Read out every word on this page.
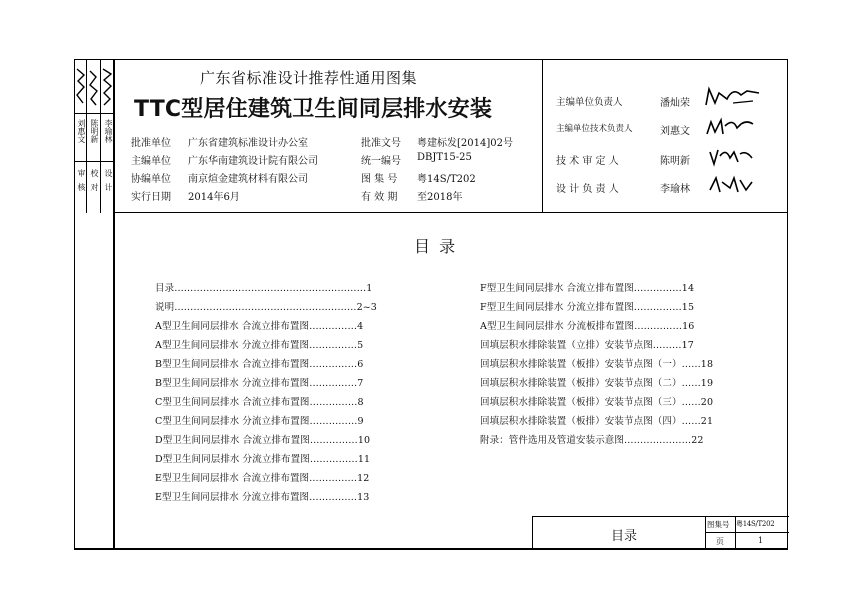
刘惠文 陈明新 李瑜林
审核 校对 设计
广东省标准设计推荐性通用图集
TTC型居住建筑卫生间同层排水安装
批准单位 广东省建筑标准设计办公室	批准文号 粤建标发[2014]02号
主编单位 广东华南建筑设计院有限公司	统一编号 DBJT15-25
协编单位 南京煊金建筑材料有限公司	图 集 号 粤14S/T202
实行日期 2014年6月	有 效 期 至2018年
主编单位负责人	潘灿荣
主编单位技术负责人	刘惠文
技 术 审 定 人	陈明新
设 计 负 责 人	李瑜林
目 录
目录……………………………………………………1
说明…………………………………………………2~3
A型卫生间同层排水 合流立排布置图……………4
A型卫生间同层排水 分流立排布置图……………5
B型卫生间同层排水 合流立排布置图……………6
B型卫生间同层排水 分流立排布置图……………7
C型卫生间同层排水 合流立排布置图……………8
C型卫生间同层排水 分流立排布置图……………9
D型卫生间同层排水 合流立排布置图……………10
D型卫生间同层排水 分流立排布置图……………11
E型卫生间同层排水 合流立排布置图……………12
E型卫生间同层排水 分流立排布置图……………13
F型卫生间同层排水 合流立排布置图……………14
F型卫生间同层排水 分流立排布置图……………15
A型卫生间同层排水 分流板排布置图……………16
回填层积水排除装置（立排）安装节点图………17
回填层积水排除装置（板排）安装节点图（一）……18
回填层积水排除装置（板排）安装节点图（二）……19
回填层积水排除装置（板排）安装节点图（三）……20
回填层积水排除装置（板排）安装节点图（四）……21
附录：管件选用及管道安装示意图…………………22
目录
图集号 粤14S/T202
页	1
